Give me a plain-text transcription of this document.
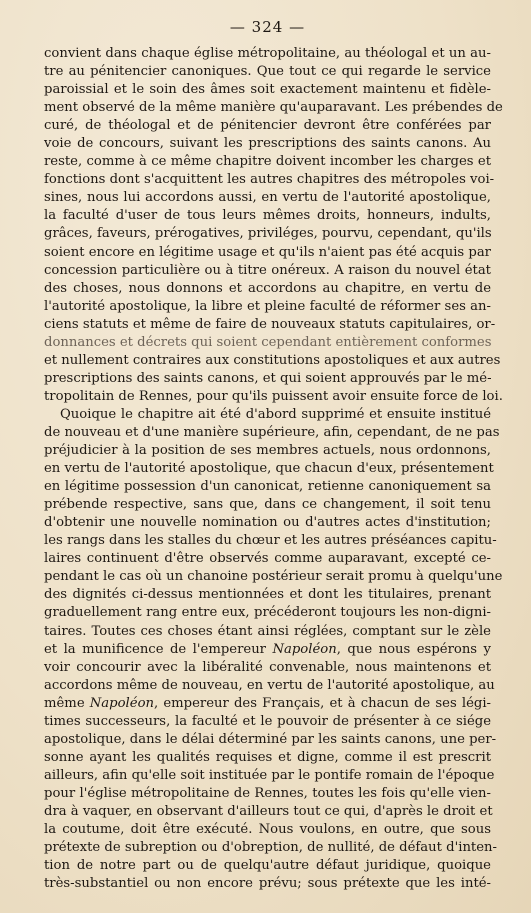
— 324 —
convient dans chaque église métropolitaine, au théologal et un au-
tre au pénitencier canoniques. Que tout ce qui regarde le service
paroissial et le soin des âmes soit exactement maintenu et fidèle-
ment observé de la même manière qu'auparavant. Les prébendes de
curé, de théologal et de pénitencier devront être conférées par
voie de concours, suivant les prescriptions des saints canons. Au
reste, comme à ce même chapitre doivent incomber les charges et
fonctions dont s'acquittent les autres chapitres des métropoles voi-
sines, nous lui accordons aussi, en vertu de l'autorité apostolique,
la faculté d'user de tous leurs mêmes droits, honneurs, indults,
grâces, faveurs, prérogatives, priviléges, pourvu, cependant, qu'ils
soient encore en légitime usage et qu'ils n'aient pas été acquis par
concession particulière ou à titre onéreux. A raison du nouvel état
des choses, nous donnons et accordons au chapitre, en vertu de
l'autorité apostolique, la libre et pleine faculté de réformer ses an-
ciens statuts et même de faire de nouveaux statuts capitulaires, or-
donnances et décrets qui soient cependant entièrement conformes
et nullement contraires aux constitutions apostoliques et aux autres
prescriptions des saints canons, et qui soient approuvés par le mé-
tropolitain de Rennes, pour qu'ils puissent avoir ensuite force de loi.
Quoique le chapitre ait été d'abord supprimé et ensuite institué
de nouveau et d'une manière supérieure, afin, cependant, de ne pas
préjudicier à la position de ses membres actuels, nous ordonnons,
en vertu de l'autorité apostolique, que chacun d'eux, présentement
en légitime possession d'un canonicat, retienne canoniquement sa
prébende respective, sans que, dans ce changement, il soit tenu
d'obtenir une nouvelle nomination ou d'autres actes d'institution;
les rangs dans les stalles du chœur et les autres préséances capitu-
laires continuent d'être observés comme auparavant, excepté ce-
pendant le cas où un chanoine postérieur serait promu à quelqu'une
des dignités ci-dessus mentionnées et dont les titulaires, prenant
graduellement rang entre eux, précéderont toujours les non-digni-
taires. Toutes ces choses étant ainsi réglées, comptant sur le zèle
et la munificence de l'empereur Napoléon, que nous espérons y
voir concourir avec la libéralité convenable, nous maintenons et
accordons même de nouveau, en vertu de l'autorité apostolique, au
même Napoléon, empereur des Français, et à chacun de ses légi-
times successeurs, la faculté et le pouvoir de présenter à ce siége
apostolique, dans le délai déterminé par les saints canons, une per-
sonne ayant les qualités requises et digne, comme il est prescrit
ailleurs, afin qu'elle soit instituée par le pontife romain de l'époque
pour l'église métropolitaine de Rennes, toutes les fois qu'elle vien-
dra à vaquer, en observant d'ailleurs tout ce qui, d'après le droit et
la coutume, doit être exécuté. Nous voulons, en outre, que sous
prétexte de subreption ou d'obreption, de nullité, de défaut d'inten-
tion de notre part ou de quelqu'autre défaut juridique, quoique
très-substantiel ou non encore prévu; sous prétexte que les inté-
